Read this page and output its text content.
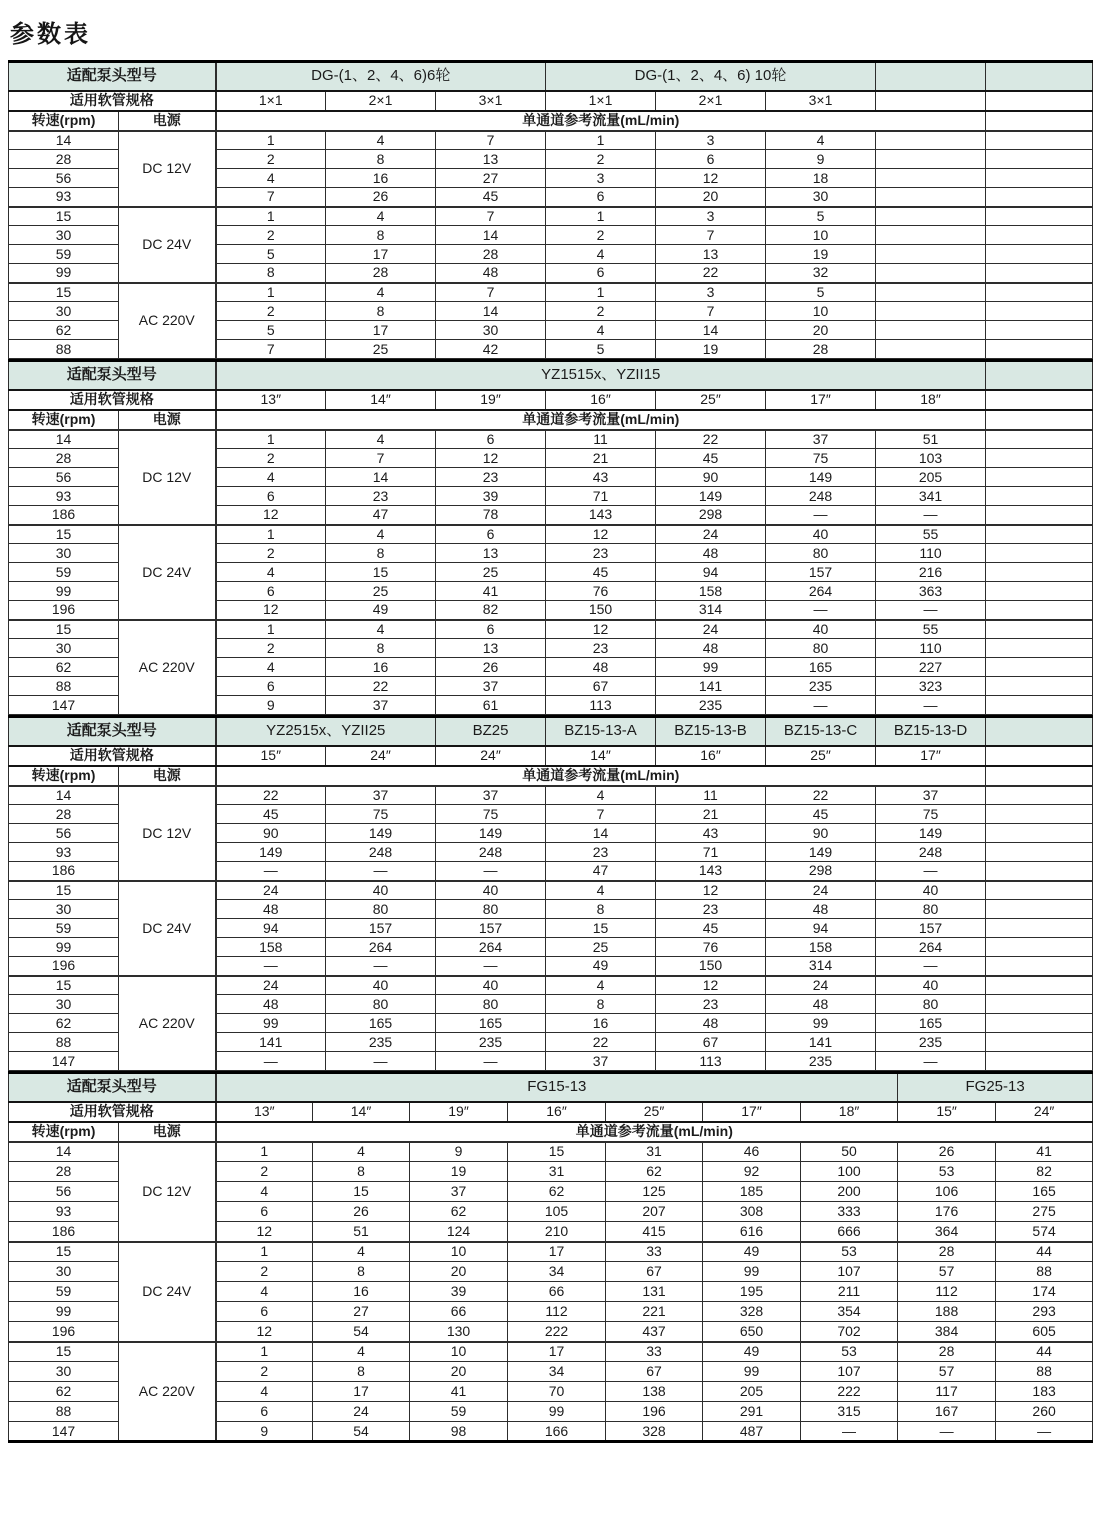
参数表
适配泵头型号		DG-(1、2、4、6)6轮			DG-(1、2、4、6) 10轮				
适用软管规格		1×1	2×1	3×1	1×1	2×1	3×1		
转速(rpm)	电源	单通道参考流量(mL/min)							
14	DC 12V	1	4	7	1	3	4		
28		2	8	13	2	6	9		
56		4	16	27	3	12	18		
93		7	26	45	6	20	30		
15	DC 24V	1	4	7	1	3	5		
30		2	8	14	2	7	10		
59		5	17	28	4	13	19		
99		8	28	48	6	22	32		
15	AC 220V	1	4	7	1	3	5		
30		2	8	14	2	7	10		
62		5	17	30	4	14	20		
88		7	25	42	5	19	28		
适配泵头型号		YZ1515x、YZII15							
适用软管规格		13″	14″	19″	16″	25″	17″	18″	
转速(rpm)	电源	单通道参考流量(mL/min)							
14	DC 12V	1	4	6	11	22	37	51	
28		2	7	12	21	45	75	103	
56		4	14	23	43	90	149	205	
93		6	23	39	71	149	248	341	
186		12	47	78	143	298	—	—	
15	DC 24V	1	4	6	12	24	40	55	
30		2	8	13	23	48	80	110	
59		4	15	25	45	94	157	216	
99		6	25	41	76	158	264	363	
196		12	49	82	150	314	—	—	
15	AC 220V	1	4	6	12	24	40	55	
30		2	8	13	23	48	80	110	
62		4	16	26	48	99	165	227	
88		6	22	37	67	141	235	323	
147		9	37	61	113	235	—	—	
适配泵头型号		YZ2515x、YZII25		BZ25	BZ15-13-A	BZ15-13-B	BZ15-13-C	BZ15-13-D	
适用软管规格		15″	24″	24″	14″	16″	25″	17″	
转速(rpm)	电源	单通道参考流量(mL/min)							
14	DC 12V	22	37	37	4	11	22	37	
28		45	75	75	7	21	45	75	
56		90	149	149	14	43	90	149	
93		149	248	248	23	71	149	248	
186		—	—	—	47	143	298	—	
15	DC 24V	24	40	40	4	12	24	40	
30		48	80	80	8	23	48	80	
59		94	157	157	15	45	94	157	
99		158	264	264	25	76	158	264	
196		—	—	—	49	150	314	—	
15	AC 220V	24	40	40	4	12	24	40	
30		48	80	80	8	23	48	80	
62		99	165	165	16	48	99	165	
88		141	235	235	22	67	141	235	
147		—	—	—	37	113	235	—	
适配泵头型号		FG15-13							FG25-13	
适用软管规格		13″	14″	19″	16″	25″	17″	18″	15″	24″
转速(rpm)	电源	单通道参考流量(mL/min)								
14	DC 12V	1	4	9	15	31	46	50	26	41
28		2	8	19	31	62	92	100	53	82
56		4	15	37	62	125	185	200	106	165
93		6	26	62	105	207	308	333	176	275
186		12	51	124	210	415	616	666	364	574
15	DC 24V	1	4	10	17	33	49	53	28	44
30		2	8	20	34	67	99	107	57	88
59		4	16	39	66	131	195	211	112	174
99		6	27	66	112	221	328	354	188	293
196		12	54	130	222	437	650	702	384	605
15	AC 220V	1	4	10	17	33	49	53	28	44
30		2	8	20	34	67	99	107	57	88
62		4	17	41	70	138	205	222	117	183
88		6	24	59	99	196	291	315	167	260
147		9	54	98	166	328	487	—	—	—
